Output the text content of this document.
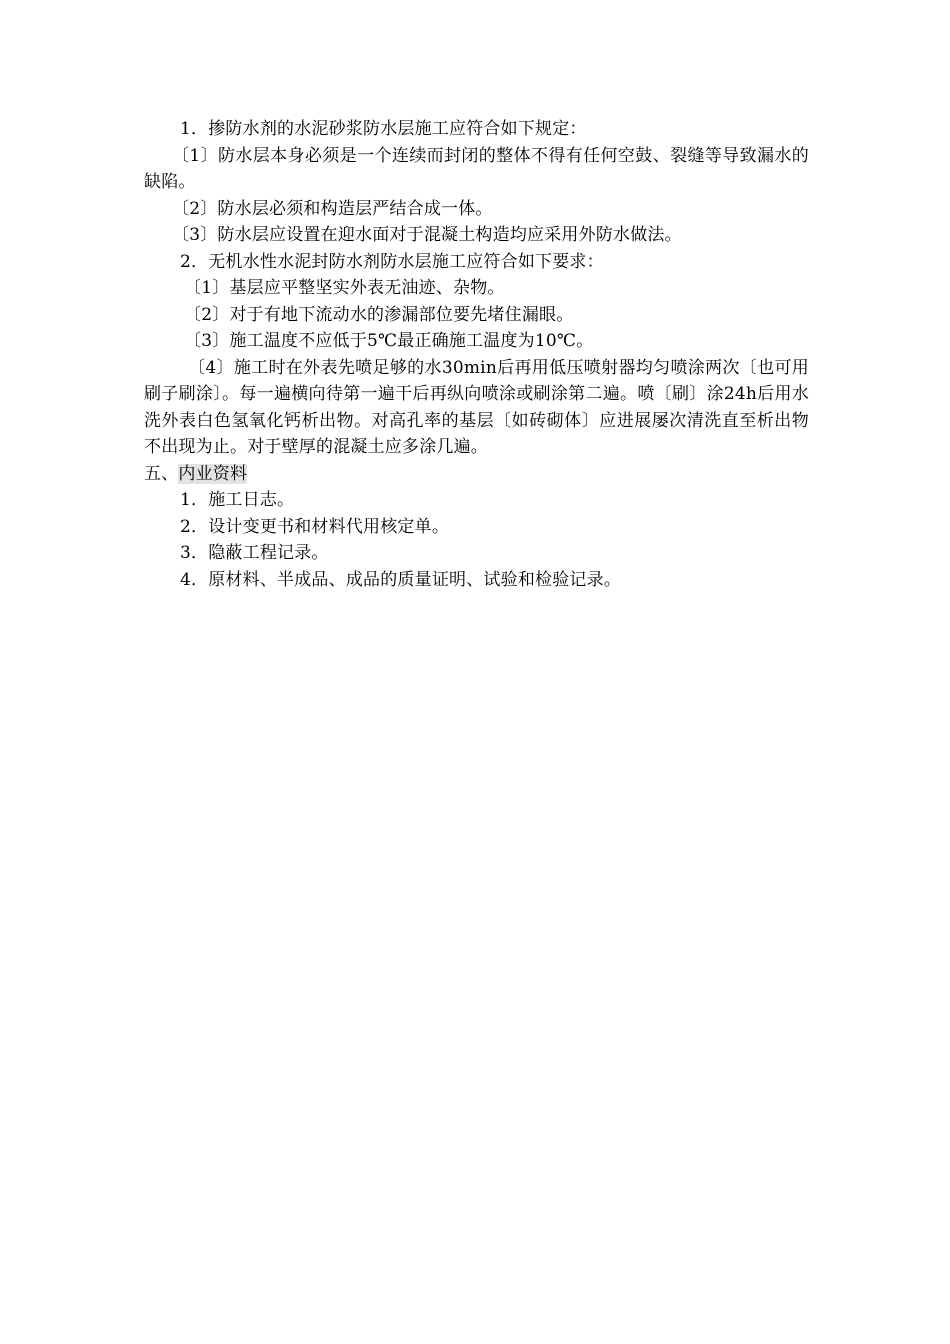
1．掺防水剂的水泥砂浆防水层施工应符合如下规定：
〔1〕防水层本身必须是一个连续而封闭的整体不得有任何空鼓、裂缝等导致漏水的缺陷。
〔2〕防水层必须和构造层严结合成一体。
〔3〕防水层应设置在迎水面对于混凝土构造均应采用外防水做法。
2．无机水性水泥封防水剂防水层施工应符合如下要求：
〔1〕基层应平整坚实外表无油迹、杂物。
〔2〕对于有地下流动水的渗漏部位要先堵住漏眼。
〔3〕施工温度不应低于5℃最正确施工温度为10℃。
〔4〕施工时在外表先喷足够的水30min后再用低压喷射器均匀喷涂两次〔也可用刷子刷涂〕。每一遍横向待第一遍干后再纵向喷涂或刷涂第二遍。喷〔刷〕涂24h后用水洗外表白色氢氧化钙析出物。对高孔率的基层〔如砖砌体〕应进展屡次清洗直至析出物不出现为止。对于壁厚的混凝土应多涂几遍。
五、内业资料
1．施工日志。
2．设计变更书和材料代用核定单。
3．隐蔽工程记录。
4．原材料、半成品、成品的质量证明、试验和检验记录。
